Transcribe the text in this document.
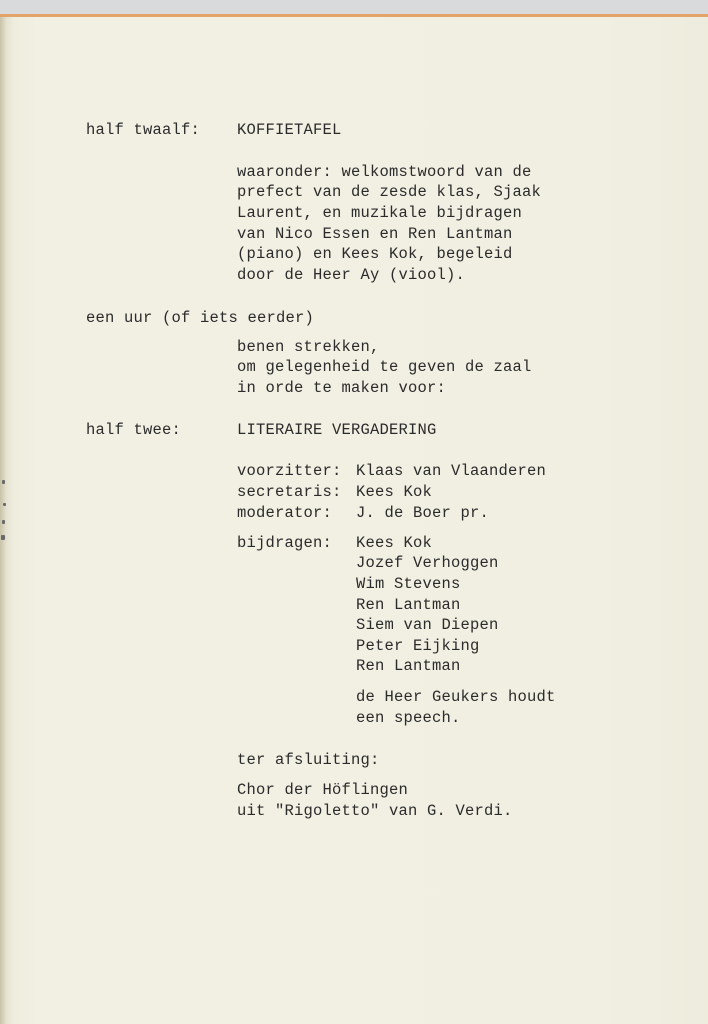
half twaalf: KOFFIETAFEL
waaronder: welkomstwoord van de
prefect van de zesde klas, Sjaak
Laurent, en muzikale bijdragen
van Nico Essen en Ren Lantman
(piano) en Kees Kok, begeleid
door de Heer Ay (viool).
een uur (of iets eerder)
benen strekken,
om gelegenheid te geven de zaal
in orde te maken voor:
half twee:	LITERAIRE VERGADERING
voorzitter: Klaas van Vlaanderen
secretaris: Kees Kok
moderator: J. de Boer pr.
bijdragen: Kees Kok
Jozef Verhoggen
Wim Stevens
Ren Lantman
Siem van Diepen
Peter Eijking
Ren Lantman
de Heer Geukers houdt
een speech.
ter afsluiting:
Chor der Höflingen
uit "Rigoletto" van G. Verdi.
